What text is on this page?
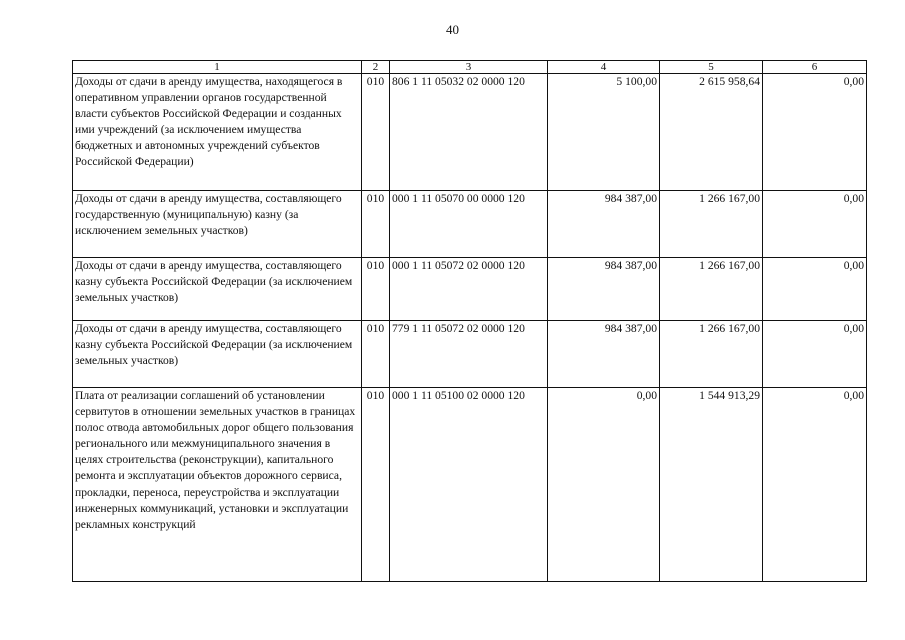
40
1	2	3	4	5	6
Доходы от сдачи в аренду имущества, находящегося в оперативном управлении органов государственной власти субъектов Российской Федерации и созданных ими учреждений (за исключением имущества бюджетных и автономных учреждений субъектов Российской Федерации)	010	806 1 11 05032 02 0000 120	5 100,00	2 615 958,64	0,00
Доходы от сдачи в аренду имущества, составляющего государственную (муниципальную) казну (за исключением земельных участков)	010	000 1 11 05070 00 0000 120	984 387,00	1 266 167,00	0,00
Доходы от сдачи в аренду имущества, составляющего казну субъекта Российской Федерации (за исключением земельных участков)	010	000 1 11 05072 02 0000 120	984 387,00	1 266 167,00	0,00
Доходы от сдачи в аренду имущества, составляющего казну субъекта Российской Федерации (за исключением земельных участков)	010	779 1 11 05072 02 0000 120	984 387,00	1 266 167,00	0,00
Плата от реализации соглашений об установлении сервитутов в отношении земельных участков в границах полос отвода автомобильных дорог общего пользования регионального или межмуниципального значения в целях строительства (реконструкции), капитального ремонта и эксплуатации объектов дорожного сервиса, прокладки, переноса, переустройства и эксплуатации инженерных коммуникаций, установки и эксплуатации рекламных конструкций	010	000 1 11 05100 02 0000 120	0,00	1 544 913,29	0,00
